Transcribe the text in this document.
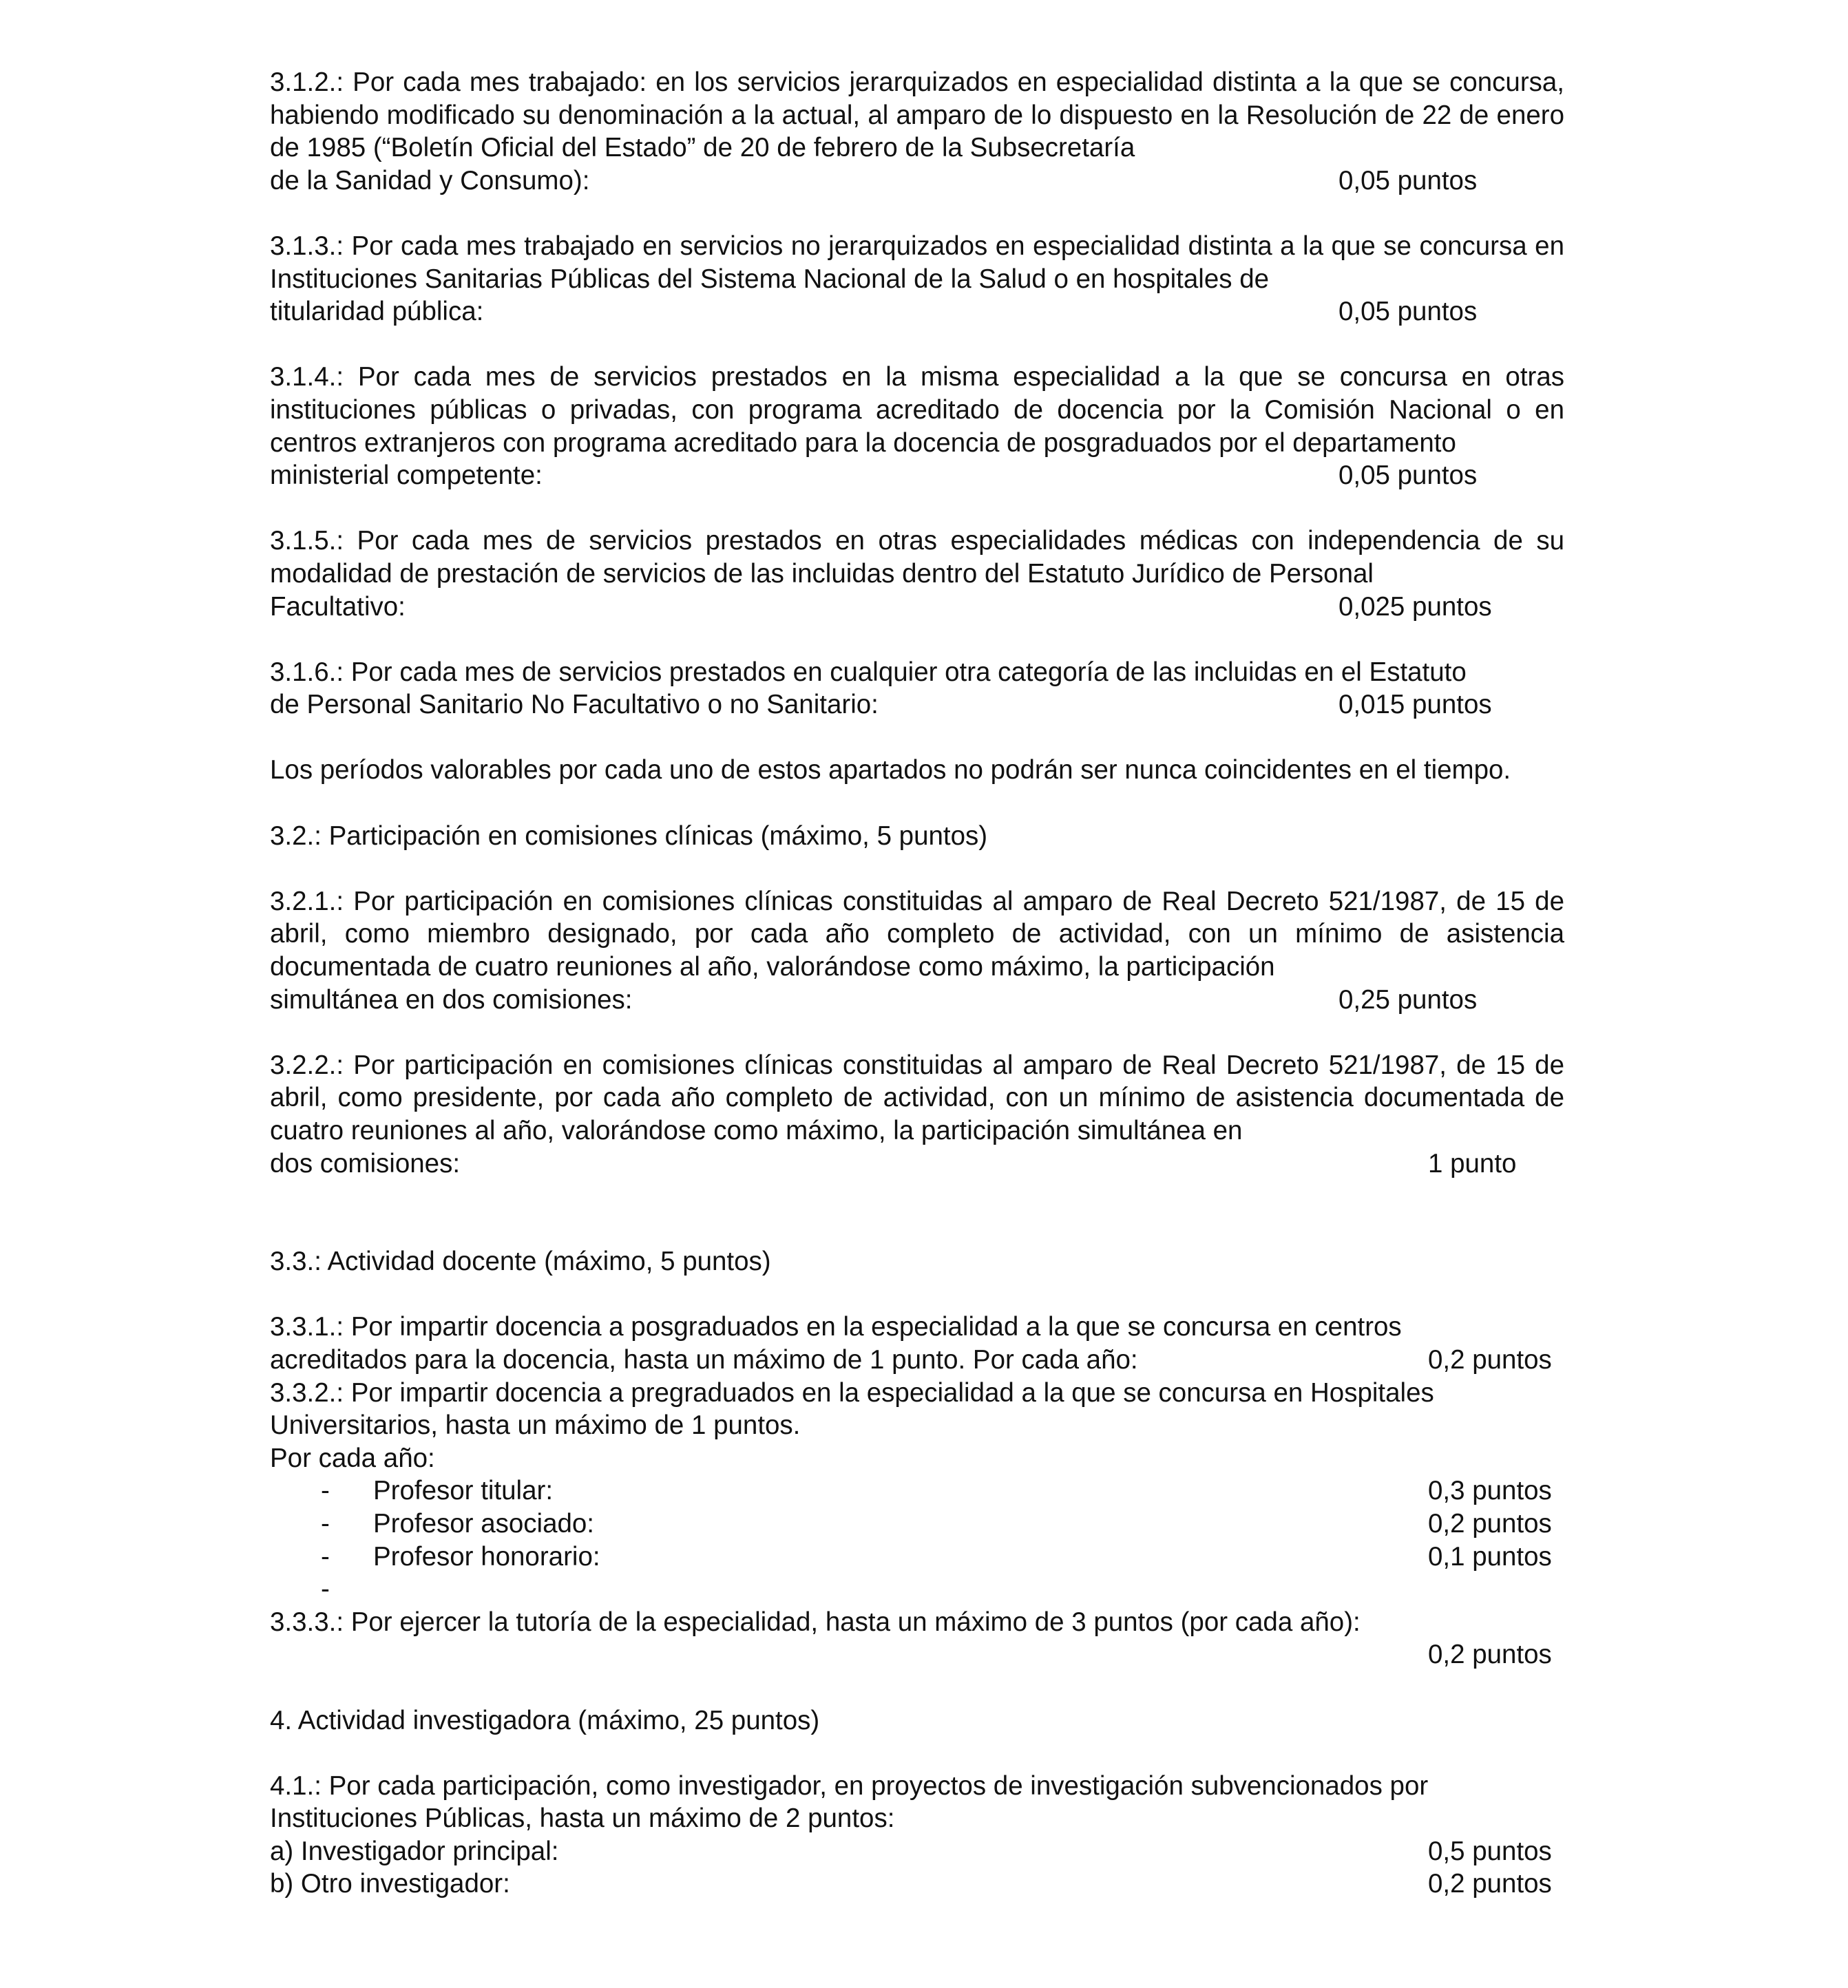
3.1.2.: Por cada mes trabajado: en los servicios jerarquizados en especialidad distinta a la que se concursa, habiendo modificado su denominación a la actual, al amparo de lo dispuesto en la Resolución de 22 de enero de 1985 (“Boletín Oficial del Estado” de 20 de febrero de la Subsecretaría

de la Sanidad y Consumo):	0,05 puntos

3.1.3.: Por cada mes trabajado en servicios no jerarquizados en especialidad distinta a la que se concursa en Instituciones Sanitarias Públicas del Sistema Nacional de la Salud o en hospitales de

titularidad pública:	0,05 puntos

3.1.4.: Por cada mes de servicios prestados en la misma especialidad a la que se concursa en otras instituciones públicas o privadas, con programa acreditado de docencia por la Comisión Nacional o en centros extranjeros con programa acreditado para la docencia de posgraduados por el departamento

ministerial competente:	0,05 puntos

3.1.5.: Por cada mes de servicios prestados en otras especialidades médicas con independencia de su modalidad de prestación de servicios de las incluidas dentro del Estatuto Jurídico de Personal

Facultativo:	0,025 puntos

3.1.6.: Por cada mes de servicios prestados en cualquier otra categoría de las incluidas en el Estatuto

de Personal Sanitario No Facultativo o no Sanitario:	0,015 puntos

Los períodos valorables por cada uno de estos apartados no podrán ser nunca coincidentes en el tiempo.

3.2.: Participación en comisiones clínicas (máximo, 5 puntos)

3.2.1.: Por participación en comisiones clínicas constituidas al amparo de Real Decreto 521/1987, de 15 de abril, como miembro designado, por cada año completo de actividad, con un mínimo de asistencia documentada de cuatro reuniones al año, valorándose como máximo, la participación

simultánea en dos comisiones:	0,25 puntos

3.2.2.: Por participación en comisiones clínicas constituidas al amparo de Real Decreto 521/1987, de 15 de abril, como presidente, por cada año completo de actividad, con un mínimo de asistencia documentada de cuatro reuniones al año, valorándose como máximo, la participación simultánea en

dos comisiones:	1 punto

3.3.: Actividad docente (máximo, 5 puntos)

3.3.1.: Por impartir docencia a posgraduados en la especialidad a la que se concursa en centros

acreditados para la docencia, hasta un máximo de 1 punto. Por cada año:	0,2 puntos

3.3.2.: Por impartir docencia a pregraduados en la especialidad a la que se concursa en Hospitales

Universitarios, hasta un máximo de 1 puntos.

Por cada año:

- Profesor titular:	0,3 puntos
- Profesor asociado:	0,2 puntos
- Profesor honorario:	0,1 puntos
-

3.3.3.: Por ejercer la tutoría de la especialidad, hasta un máximo de 3 puntos (por cada año):

0,2 puntos

4. Actividad investigadora (máximo, 25 puntos)

4.1.: Por cada participación, como investigador, en proyectos de investigación subvencionados por

Instituciones Públicas, hasta un máximo de 2 puntos:

a) Investigador principal:	0,5 puntos
b) Otro investigador:	0,2 puntos
